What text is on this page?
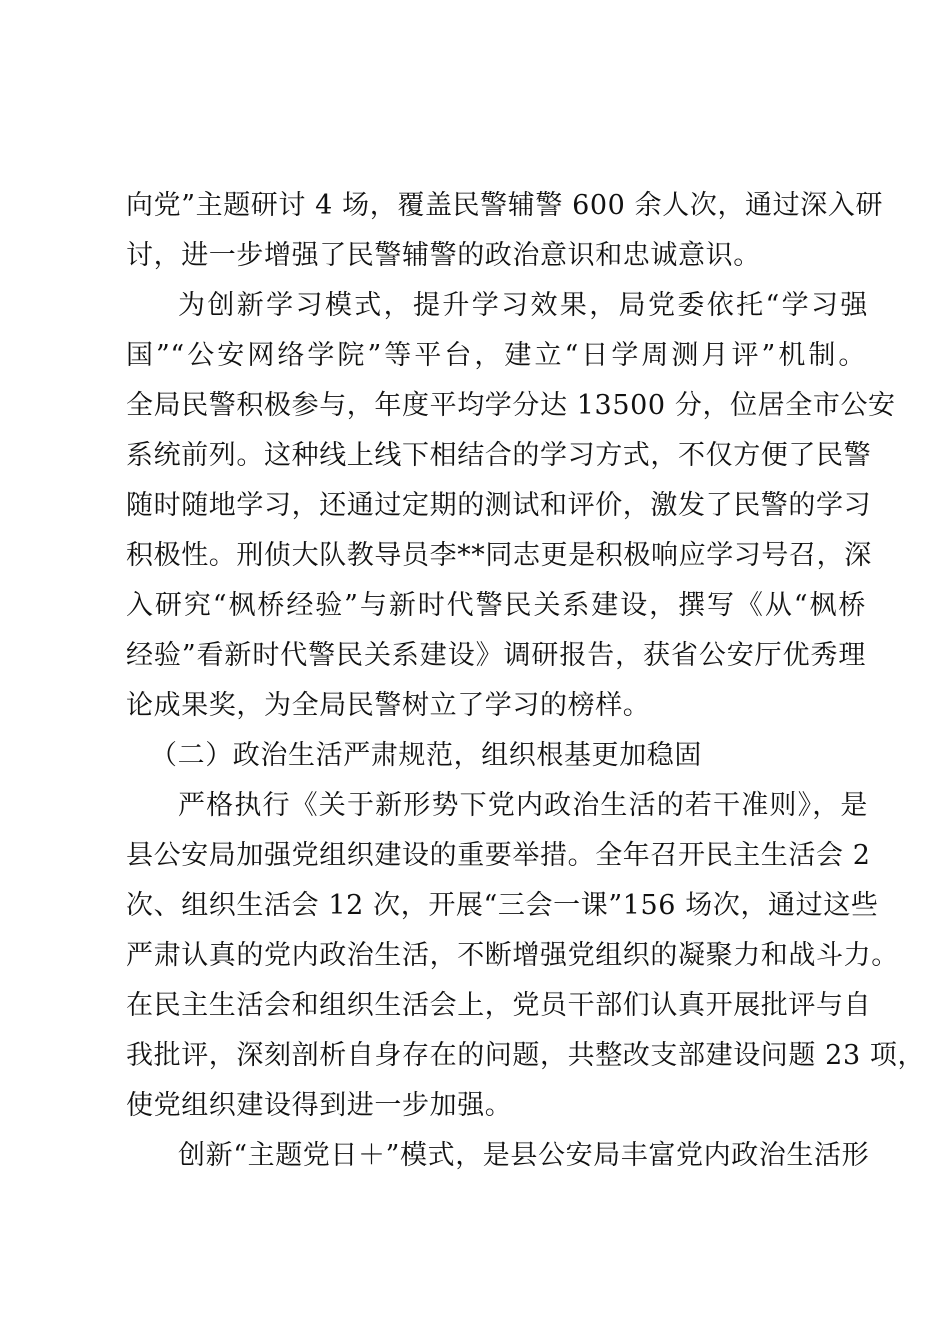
向党”主题研讨 4 场，覆盖民警辅警 600 余人次，通过深入研
讨，进一步增强了民警辅警的政治意识和忠诚意识。
为创新学习模式，提升学习效果，局党委依托“学习强
国”“公安网络学院”等平台，建立“日学周测月评”机制。
全局民警积极参与，年度平均学分达 13500 分，位居全市公安
系统前列。这种线上线下相结合的学习方式，不仅方便了民警
随时随地学习，还通过定期的测试和评价，激发了民警的学习
积极性。刑侦大队教导员李**同志更是积极响应学习号召，深
入研究“枫桥经验”与新时代警民关系建设，撰写《从“枫桥
经验”看新时代警民关系建设》调研报告，获省公安厅优秀理
论成果奖，为全局民警树立了学习的榜样。
（二）政治生活严肃规范，组织根基更加稳固
严格执行《关于新形势下党内政治生活的若干准则》，是
县公安局加强党组织建设的重要举措。全年召开民主生活会 2
次、组织生活会 12 次，开展“三会一课”156 场次，通过这些
严肃认真的党内政治生活，不断增强党组织的凝聚力和战斗力。
在民主生活会和组织生活会上，党员干部们认真开展批评与自
我批评，深刻剖析自身存在的问题，共整改支部建设问题 23 项，
使党组织建设得到进一步加强。
创新“主题党日＋”模式，是县公安局丰富党内政治生活形
